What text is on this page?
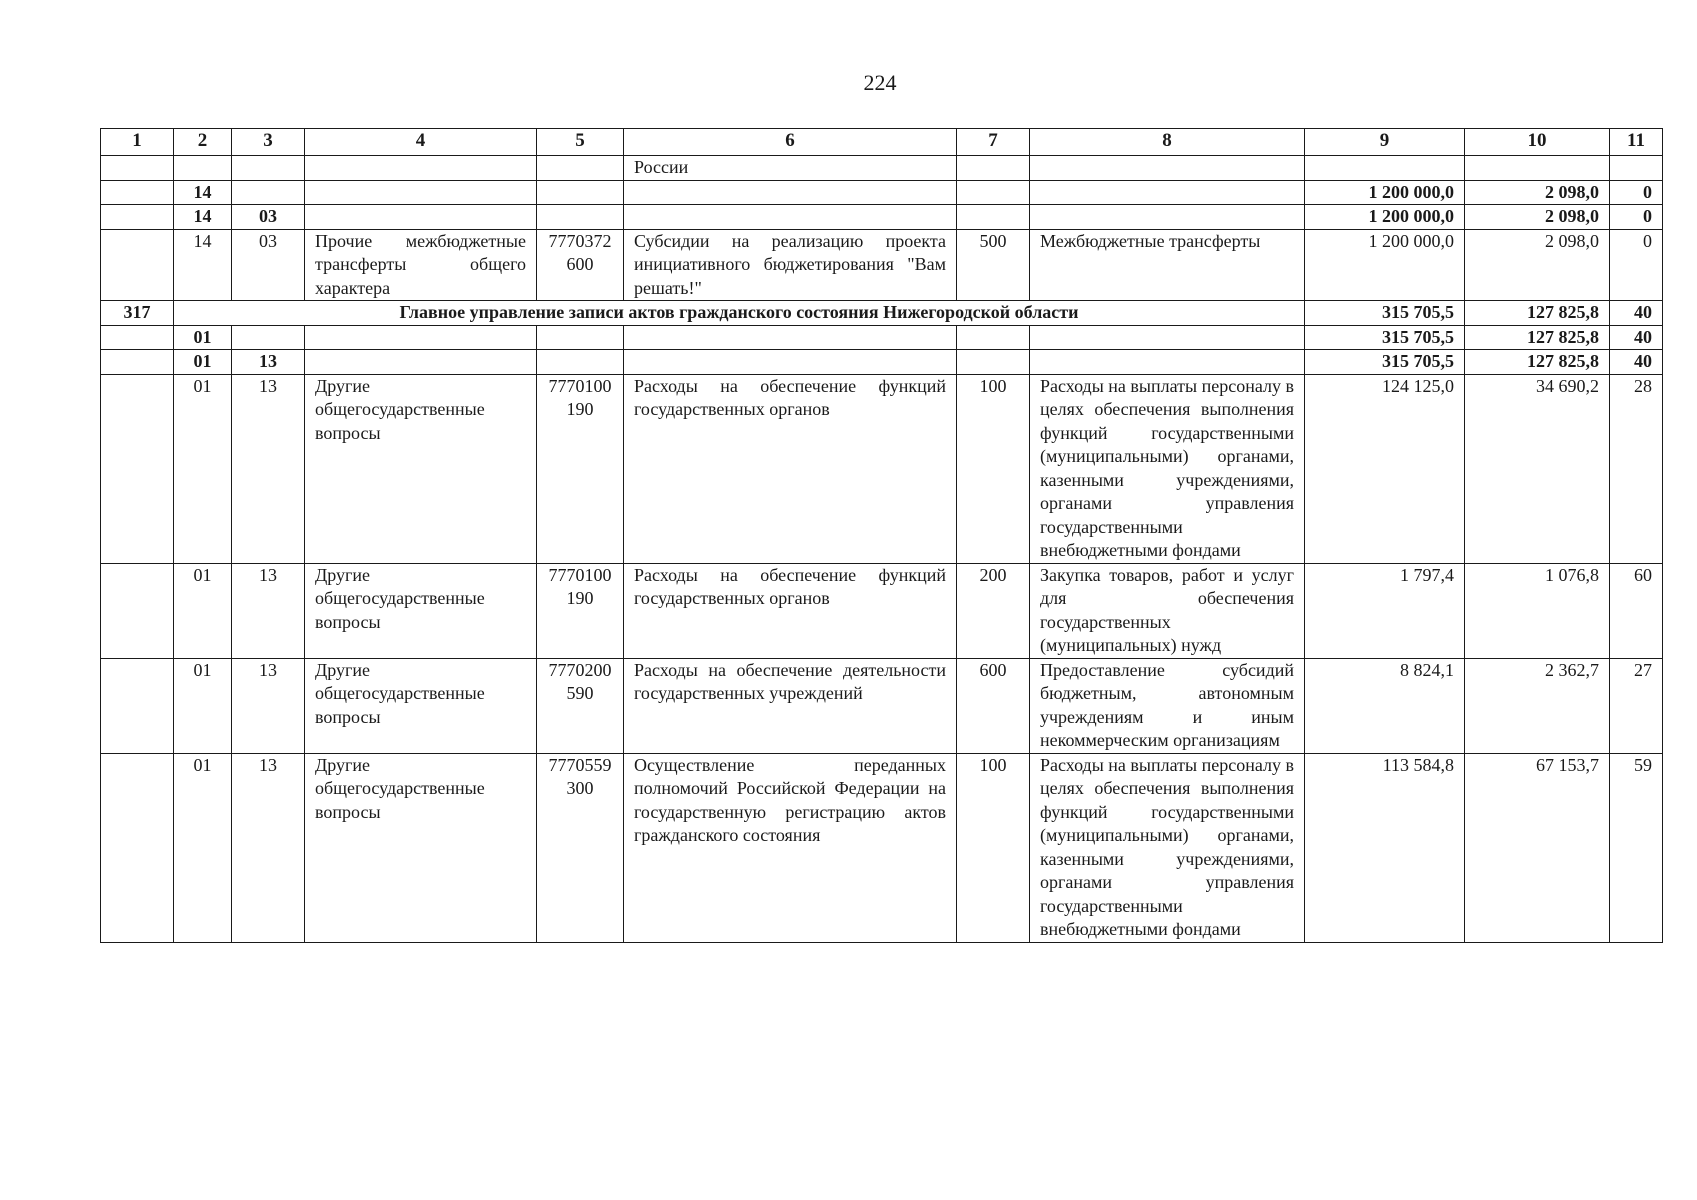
224
1	2	3	4	5	6	7	8	9	10	11
					России					
	14							1 200 000,0	2 098,0	0
	14	03						1 200 000,0	2 098,0	0
	14	03	Прочие межбюджетные трансферты общего характера	7770372600	Субсидии на реализацию проекта инициативного бюджетирования "Вам решать!"	500	Межбюджетные трансферты	1 200 000,0	2 098,0	0
317	Главное управление записи актов гражданского состояния Нижегородской области							315 705,5	127 825,8	40
	01							315 705,5	127 825,8	40
	01	13						315 705,5	127 825,8	40
	01	13	Другие общегосударственные вопросы	7770100190	Расходы на обеспечение функций государственных органов	100	Расходы на выплаты персоналу в целях обеспечения выполнения функций государственными (муниципальными) органами, казенными учреждениями, органами управления государственными внебюджетными фондами	124 125,0	34 690,2	28
	01	13	Другие общегосударственные вопросы	7770100190	Расходы на обеспечение функций государственных органов	200	Закупка товаров, работ и услуг для обеспечения государственных (муниципальных) нужд	1 797,4	1 076,8	60
	01	13	Другие общегосударственные вопросы	7770200590	Расходы на обеспечение деятельности государственных учреждений	600	Предоставление субсидий бюджетным, автономным учреждениям и иным некоммерческим организациям	8 824,1	2 362,7	27
	01	13	Другие общегосударственные вопросы	7770559300	Осуществление переданных полномочий Российской Федерации на государственную регистрацию актов гражданского состояния	100	Расходы на выплаты персоналу в целях обеспечения выполнения функций государственными (муниципальными) органами, казенными учреждениями, органами управления государственными внебюджетными фондами	113 584,8	67 153,7	59
